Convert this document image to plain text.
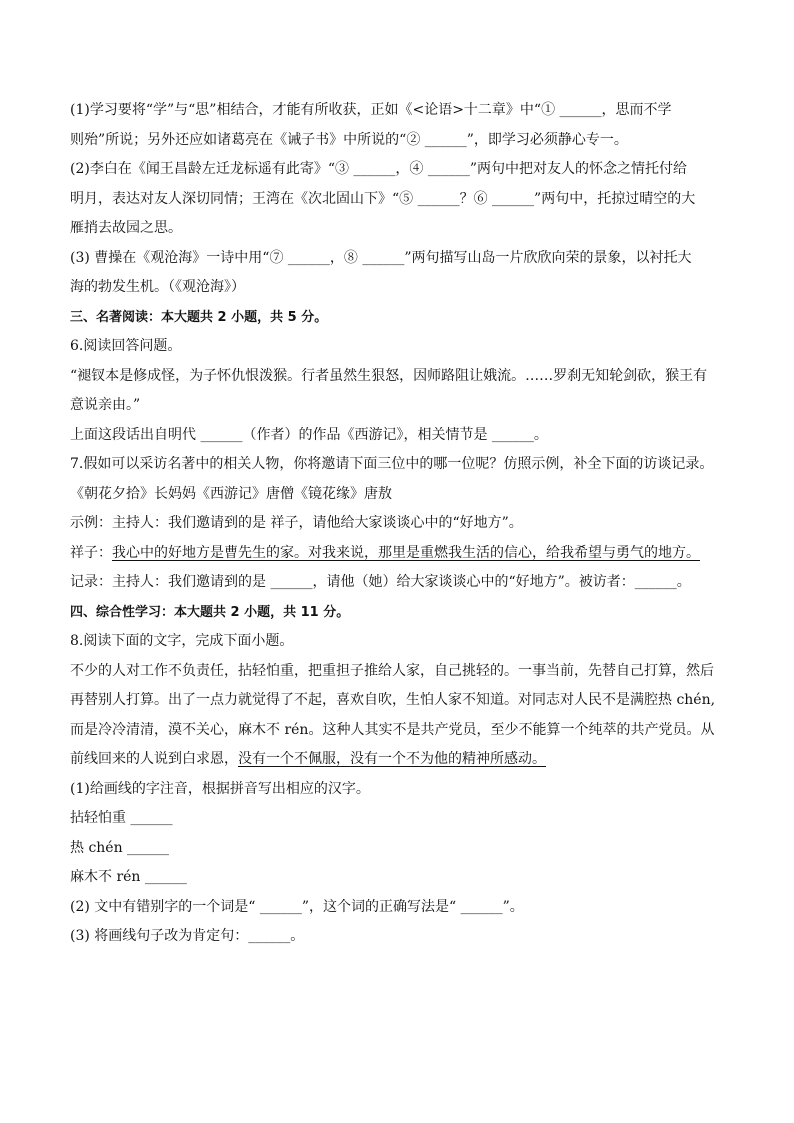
(1)学习要将“学”与“思”相结合，才能有所收获，正如《<论语>十二章》中“① ______，思而不学

则殆”所说；另外还应如诸葛亮在《诫子书》中所说的“② ______”，即学习必须静心专一。

(2)李白在《闻王昌龄左迁龙标遥有此寄》“③ ______，④ ______”两句中把对友人的怀念之情托付给

明月，表达对友人深切同情；王湾在《次北固山下》“⑤ ______？⑥ ______”两句中，托掠过晴空的大

雁捎去故园之思。

(3) 曹操在《观沧海》一诗中用“⑦ ______，⑧ ______”两句描写山岛一片欣欣向荣的景象，以衬托大

海的勃发生机。（《观沧海》）

三、名著阅读：本大题共 2 小题，共 5 分。

6.阅读回答问题。

“褪钗本是修成怪，为子怀仇恨泼猴。行者虽然生狠怒，因师路阻让娥流。……罗刹无知轮剑砍，猴王有

意说亲由。”

上面这段话出自明代 ______（作者）的作品《西游记》，相关情节是 ______。

7.假如可以采访名著中的相关人物，你将邀请下面三位中的哪一位呢？仿照示例，补全下面的访谈记录。

《朝花夕拾》长妈妈《西游记》唐僧《镜花缘》唐敖

示例：主持人：我们邀请到的是 祥子，请他给大家谈谈心中的“好地方”。

祥子：我心中的好地方是曹先生的家。对我来说，那里是重燃我生活的信心，给我希望与勇气的地方。

记录：主持人：我们邀请到的是 ______，请他（她）给大家谈谈心中的“好地方”。被访者：______。

四、综合性学习：本大题共 2 小题，共 11 分。

8.阅读下面的文字，完成下面小题。

不少的人对工作不负责任，拈轻怕重，把重担子推给人家，自己挑轻的。一事当前，先替自己打算，然后

再替别人打算。出了一点力就觉得了不起，喜欢自吹，生怕人家不知道。对同志对人民不是满腔热 chén,

而是冷冷清清，漠不关心，麻木不 rén。这种人其实不是共产党员，至少不能算一个纯萃的共产党员。从

前线回来的人说到白求恩，没有一个不佩服，没有一个不为他的精神所感动。

(1)给画线的字注音，根据拼音写出相应的汉字。

拈轻怕重 ______

热 chén ______

麻木不 rén ______

(2) 文中有错别字的一个词是“ ______”，这个词的正确写法是“ ______”。

(3) 将画线句子改为肯定句：______。
